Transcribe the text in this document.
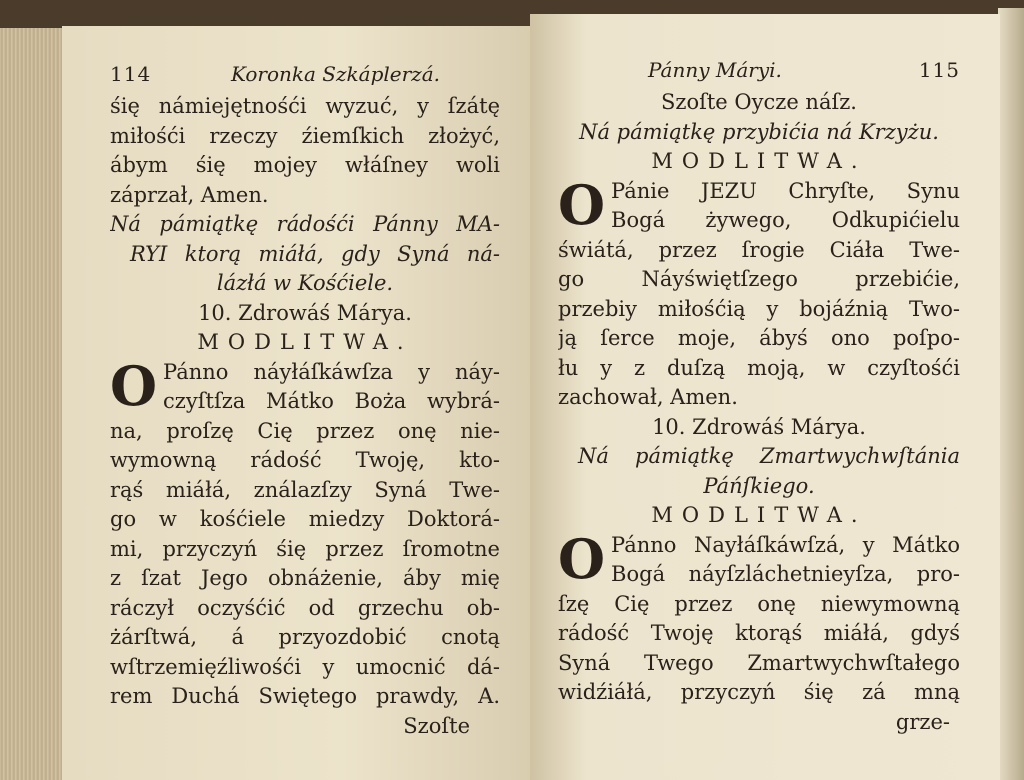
114	Koronka Szkáplerzá.
śię námiejętnośći wyzuć, y ſzátę
miłośći rzeczy źiemſkich złożyć,
ábym śię mojey włáſney woli
záprzał, Amen.
Ná pámiątkę rádośći Pánny MA-
RYI ktorą miáłá, gdy Syná ná-
lázłá w Kośćiele.
10. Zdrowáś Márya.
MODLITWA.
O Pánno náyłáſkáwſza y náy-
czyſtſza Mátko Boża wybrá-
na, proſzę Cię przez onę nie-
wymowną rádość Twoję, kto-
rąś miáłá, ználazſzy Syná Twe-
go w kośćiele miedzy Doktorá-
mi, przyczyń śię przez ſromotne
z ſzat Jego obnáżenie, áby mię
ráczył oczyśćić od grzechu ob-
żárſtwá, á przyozdobić cnotą
wſtrzemięźliwośći y umocnić dá-
rem Duchá Swiętego prawdy, A.
Szoſte
Pánny Máryi.	115
Szoſte Oycze náſz.
Ná pámiątkę przybićia ná Krzyżu.
MODLITWA.
O Pánie JEZU Chryſte, Synu
Bogá żywego, Odkupićielu
świátá, przez ſrogie Ciáła Twe-
go Náyświętſzego przebićie,
przebiy miłośćią y bojáźnią Two-
ją ſerce moje, ábyś ono poſpo-
łu y z duſzą moją, w czyſtośći
zachował, Amen.
10. Zdrowáś Márya.
Ná pámiątkę Zmartwychwſtánia
Páńſkiego.
MODLITWA.
O Pánno Nayłáſkáwſzá, y Mátko
Bogá náyſzláchetnieyſza, pro-
ſzę Cię przez onę niewymowną
rádość Twoję ktorąś miáłá, gdyś
Syná Twego Zmartwychwſtałego
widźiáłá, przyczyń śię zá mną
grze-
